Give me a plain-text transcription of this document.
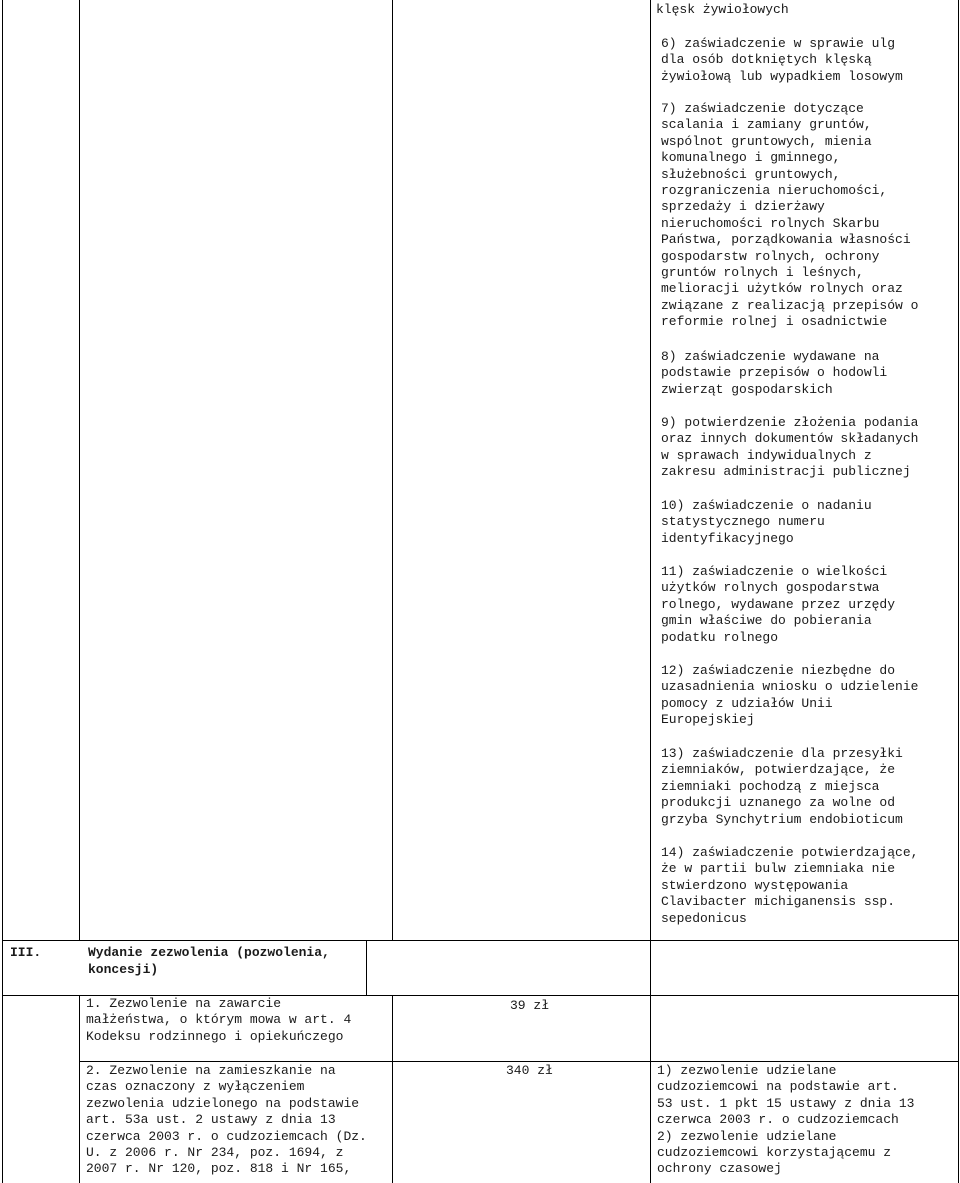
klęsk żywiołowych
6) zaświadczenie w sprawie ulg
dla osób dotkniętych klęską
żywiołową lub wypadkiem losowym
7) zaświadczenie dotyczące
scalania i zamiany gruntów,
wspólnot gruntowych, mienia
komunalnego i gminnego,
służebności gruntowych,
rozgraniczenia nieruchomości,
sprzedaży i dzierżawy
nieruchomości rolnych Skarbu
Państwa, porządkowania własności
gospodarstw rolnych, ochrony
gruntów rolnych i leśnych,
melioracji użytków rolnych oraz
związane z realizacją przepisów o
reformie rolnej i osadnictwie
8) zaświadczenie wydawane na
podstawie przepisów o hodowli
zwierząt gospodarskich
9) potwierdzenie złożenia podania
oraz innych dokumentów składanych
w sprawach indywidualnych z
zakresu administracji publicznej
10) zaświadczenie o nadaniu
statystycznego numeru
identyfikacyjnego
11) zaświadczenie o wielkości
użytków rolnych gospodarstwa
rolnego, wydawane przez urzędy
gmin właściwe do pobierania
podatku rolnego
12) zaświadczenie niezbędne do
uzasadnienia wniosku o udzielenie
pomocy z udziałów Unii
Europejskiej
13) zaświadczenie dla przesyłki
ziemniaków, potwierdzające, że
ziemniaki pochodzą z miejsca
produkcji uznanego za wolne od
grzyba Synchytrium endobioticum
14) zaświadczenie potwierdzające,
że w partii bulw ziemniaka nie
stwierdzono występowania
Clavibacter michiganensis ssp.
sepedonicus
III.	Wydanie zezwolenia (pozwolenia,
koncesji)
1. Zezwolenie na zawarcie
małżeństwa, o którym mowa w art. 4
Kodeksu rodzinnego i opiekuńczego
39 zł
2. Zezwolenie na zamieszkanie na
czas oznaczony z wyłączeniem
zezwolenia udzielonego na podstawie
art. 53a ust. 2 ustawy z dnia 13
czerwca 2003 r. o cudzoziemcach (Dz.
U. z 2006 r. Nr 234, poz. 1694, z
2007 r. Nr 120, poz. 818 i Nr 165,
340 zł	1) zezwolenie udzielane
cudzoziemcowi na podstawie art.
53 ust. 1 pkt 15 ustawy z dnia 13
czerwca 2003 r. o cudzoziemcach
2) zezwolenie udzielane
cudzoziemcowi korzystającemu z
ochrony czasowej
